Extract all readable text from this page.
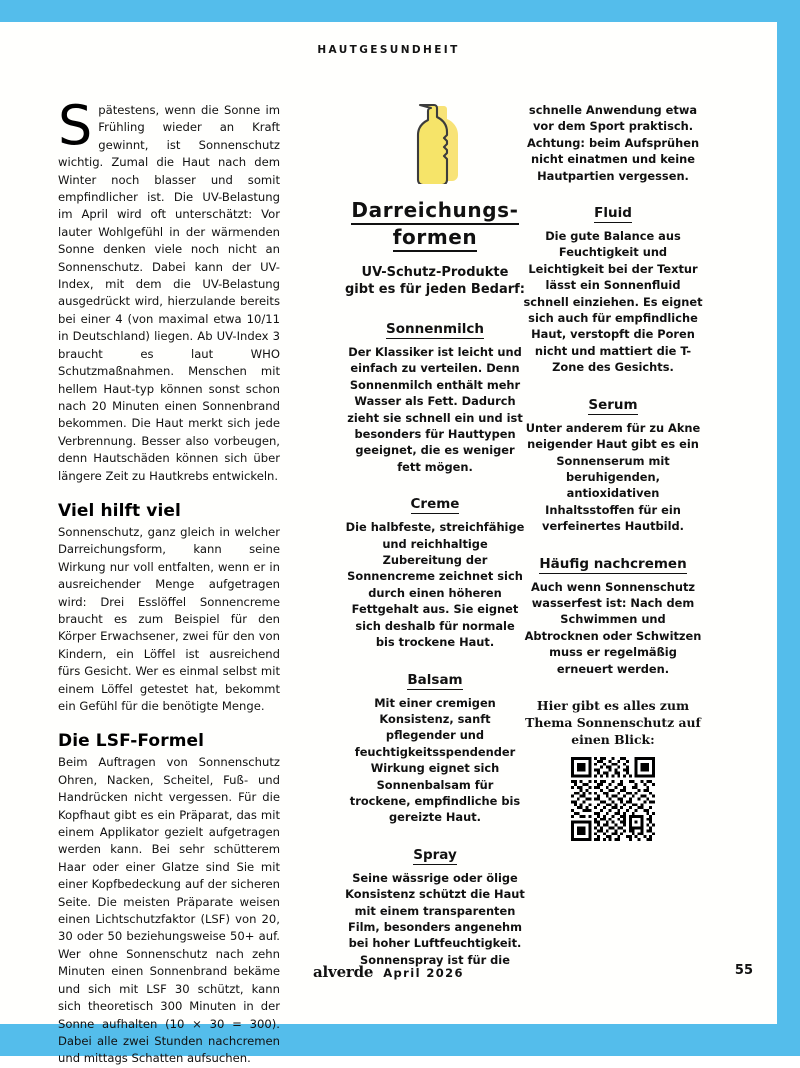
HAUTGESUNDHEIT

Spätestens, wenn die Sonne im Frühling wieder an Kraft gewinnt, ist Sonnenschutz wichtig. Zumal die Haut nach dem Winter noch blasser und somit empfindlicher ist. Die UV-Belastung im April wird oft unterschätzt: Vor lauter Wohlgefühl in der wärmenden Sonne denken viele noch nicht an Sonnenschutz. Dabei kann der UV-Index, mit dem die UV-Belastung ausgedrückt wird, hierzulande bereits bei einer 4 (von maximal etwa 10/11 in Deutschland) liegen. Ab UV-Index 3 braucht es laut WHO Schutzmaßnahmen. Menschen mit hellem Haut-typ können sonst schon nach 20 Minuten einen Sonnenbrand bekommen. Die Haut merkt sich jede Verbrennung. Besser also vorbeugen, denn Hautschäden können sich über längere Zeit zu Hautkrebs entwickeln.

Viel hilft viel

Sonnenschutz, ganz gleich in welcher Darreichungsform, kann seine Wirkung nur voll entfalten, wenn er in ausreichender Menge aufgetragen wird: Drei Esslöffel Sonnencreme braucht es zum Beispiel für den Körper Erwachsener, zwei für den von Kindern, ein Löffel ist ausreichend fürs Gesicht. Wer es einmal selbst mit einem Löffel getestet hat, bekommt ein Gefühl für die benötigte Menge.

Die LSF-Formel

Beim Auftragen von Sonnenschutz Ohren, Nacken, Scheitel, Fuß- und Handrücken nicht vergessen. Für die Kopfhaut gibt es ein Präparat, das mit einem Applikator gezielt aufgetragen werden kann. Bei sehr schütterem Haar oder einer Glatze sind Sie mit einer Kopfbedeckung auf der sicheren Seite. Die meisten Präparate weisen einen Lichtschutzfaktor (LSF) von 20, 30 oder 50 beziehungsweise 50+ auf. Wer ohne Sonnenschutz nach zehn Minuten einen Sonnenbrand bekäme und sich mit LSF 30 schützt, kann sich theoretisch 300 Minuten in der Sonne aufhalten (10 × 30 = 300). Dabei alle zwei Stunden nachcremen und mittags Schatten aufsuchen.

Darreichungs-
formen

UV-Schutz-Produkte gibt es für jeden Bedarf:

Sonnenmilch

Der Klassiker ist leicht und einfach zu verteilen. Denn Sonnenmilch enthält mehr Wasser als Fett. Dadurch zieht sie schnell ein und ist besonders für Hauttypen geeignet, die es weniger fett mögen.

Creme

Die halbfeste, streichfähige und reichhaltige Zubereitung der Sonnencreme zeichnet sich durch einen höheren Fettgehalt aus. Sie eignet sich deshalb für normale bis trockene Haut.

Balsam

Mit einer cremigen Konsistenz, sanft pflegender und feuchtigkeitsspendender Wirkung eignet sich Sonnenbalsam für trockene, empfindliche bis gereizte Haut.

Spray

Seine wässrige oder ölige Konsistenz schützt die Haut mit einem transparenten Film, besonders angenehm bei hoher Luftfeuchtigkeit. Sonnenspray ist für die

schnelle Anwendung etwa vor dem Sport praktisch. Achtung: beim Aufsprühen nicht einatmen und keine Hautpartien vergessen.

Fluid

Die gute Balance aus Feuchtigkeit und Leichtigkeit bei der Textur lässt ein Sonnenfluid schnell einziehen. Es eignet sich auch für empfindliche Haut, verstopft die Poren nicht und mattiert die T-Zone des Gesichts.

Serum

Unter anderem für zu Akne neigender Haut gibt es ein Sonnenserum mit beruhigenden, antioxidativen Inhaltsstoffen für ein verfeinertes Hautbild.

Häufig nachcremen

Auch wenn Sonnenschutz wasserfest ist: Nach dem Schwimmen und Abtrocknen oder Schwitzen muss er regelmäßig erneuert werden.

Hier gibt es alles zum Thema Sonnenschutz auf einen Blick:

alverde April 2026	55
